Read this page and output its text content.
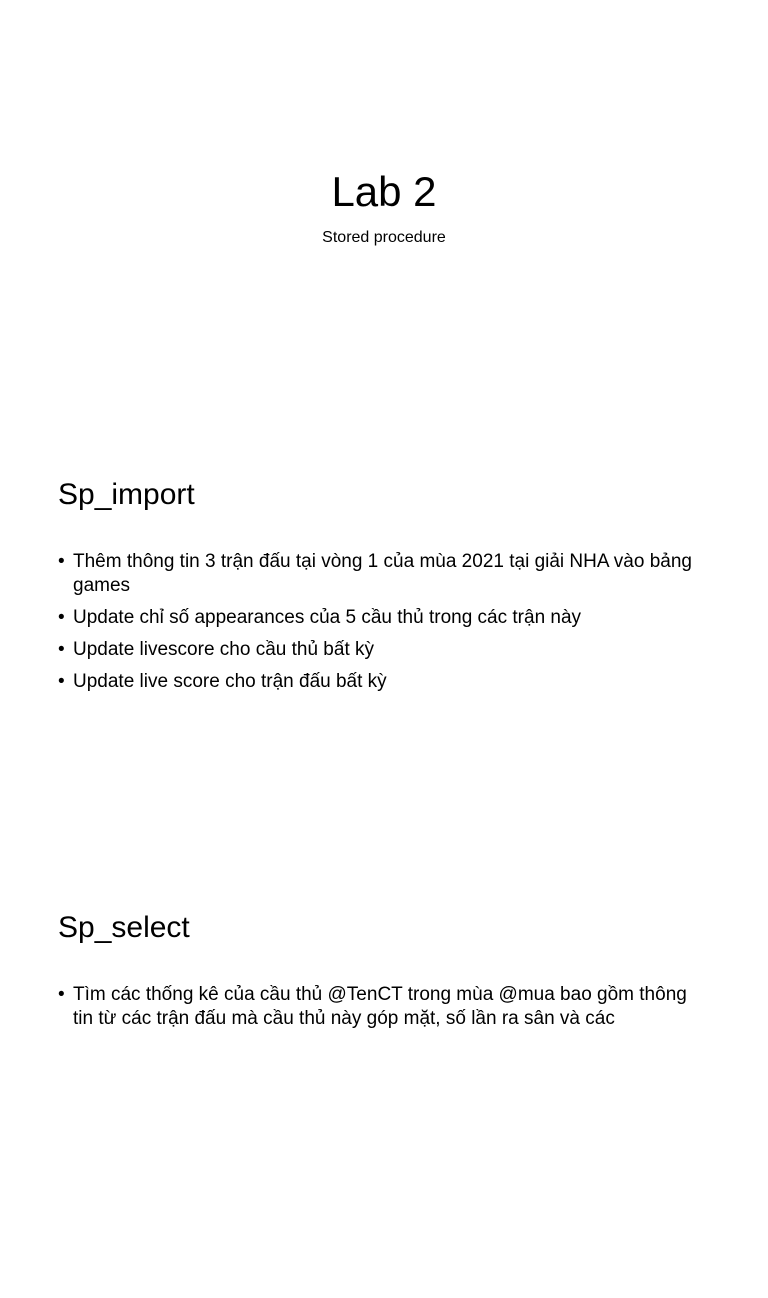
Lab 2

Stored procedure

Sp_import
• Thêm thông tin 3 trận đấu tại vòng 1 của mùa 2021 tại giải NHA vào bảng games
• Update chỉ số appearances của 5 cầu thủ trong các trận này
• Update livescore cho cầu thủ bất kỳ
• Update live score cho trận đấu bất kỳ
Sp_select
• Tìm các thống kê của cầu thủ @TenCT trong mùa @mua bao gồm thông tin từ các trận đấu mà cầu thủ này góp mặt, số lần ra sân và các
